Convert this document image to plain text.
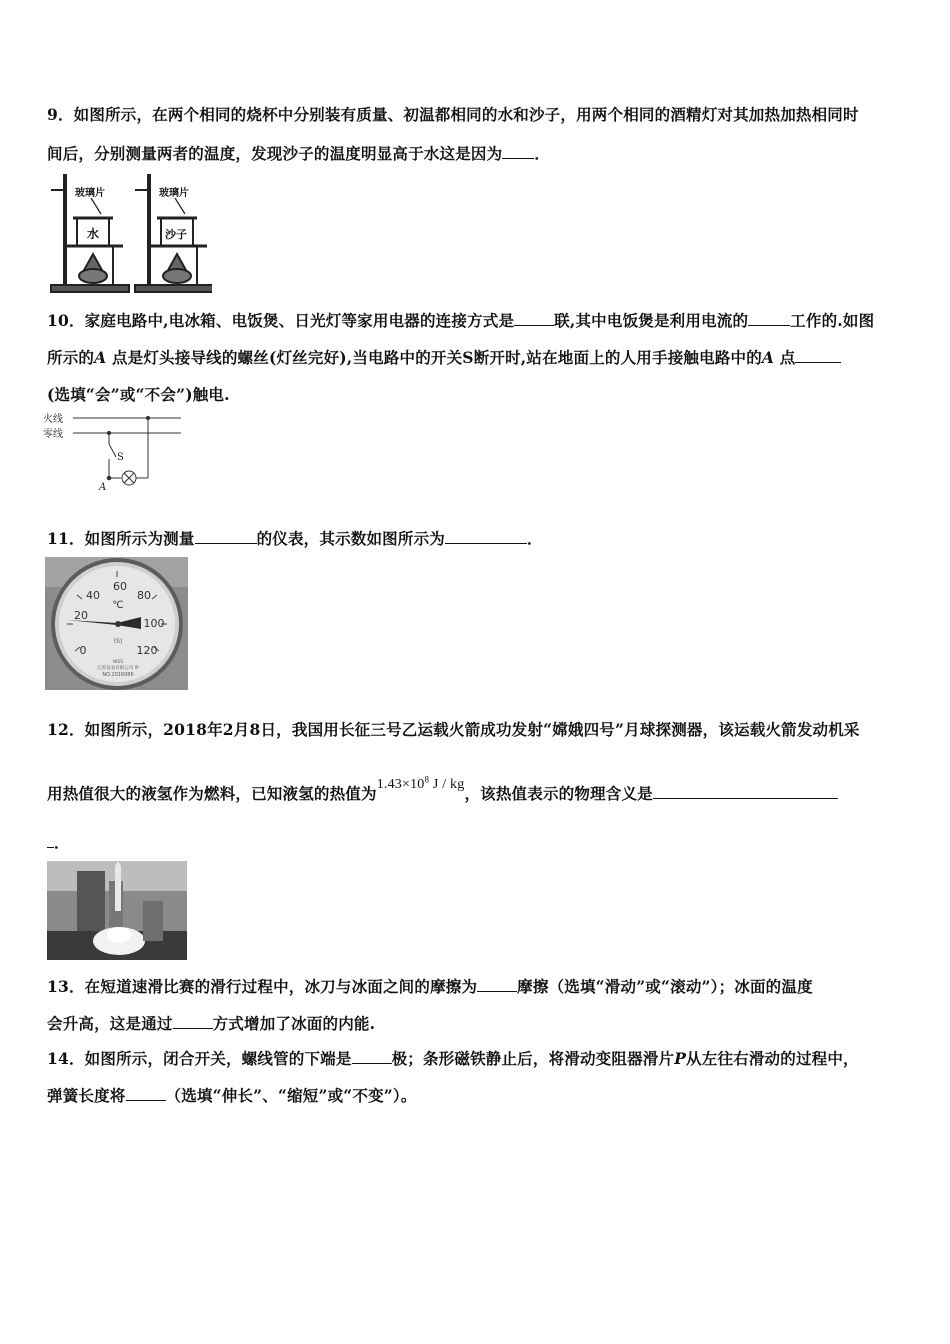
9．如图所示，在两个相同的烧杯中分别装有质量、初温都相同的水和沙子，用两个相同的酒精灯对其加热加热相同时
间后，分别测量两者的温度，发现沙子的温度明显高于水这是因为 ．
玻璃片	玻璃片
水	沙子
10．家庭电路中,电冰箱、电饭煲、日光灯等家用电器的连接方式是	联,其中电饭煲是利用电流的	工作的.如图
所示的A 点是灯头接导线的螺丝(灯丝完好),当电路中的开关S断开时,站在地面上的人用手接触电路中的A 点
(选填“会”或“不会”)触电.
火线
零线
S
A
11．如图所示为测量	的仪表，其示数如图所示为	．
0
20
40
60
80
100
120
℃
(S)
WSS
江苏仪表有限公司 IP
NO.2016086
12．如图所示，2018年2月8日，我国用长征三号乙运载火箭成功发射“嫦娥四号”月球探测器，该运载火箭发动机采
用热值很大的液氢作为燃料，已知液氢的热值为$1.43\times 10^8$ J / kg，该热值表示的物理含义是
．
13．在短道速滑比赛的滑行过程中，冰刀与冰面之间的摩擦为	摩擦（选填“滑动”或“滚动”）；冰面的温度
会升高，这是通过	方式增加了冰面的内能.
14．如图所示，闭合开关，螺线管的下端是	极；条形磁铁静止后，将滑动变阻器滑片P从左往右滑动的过程中，
弹簧长度将	（选填“伸长”、“缩短”或“不变”）。
